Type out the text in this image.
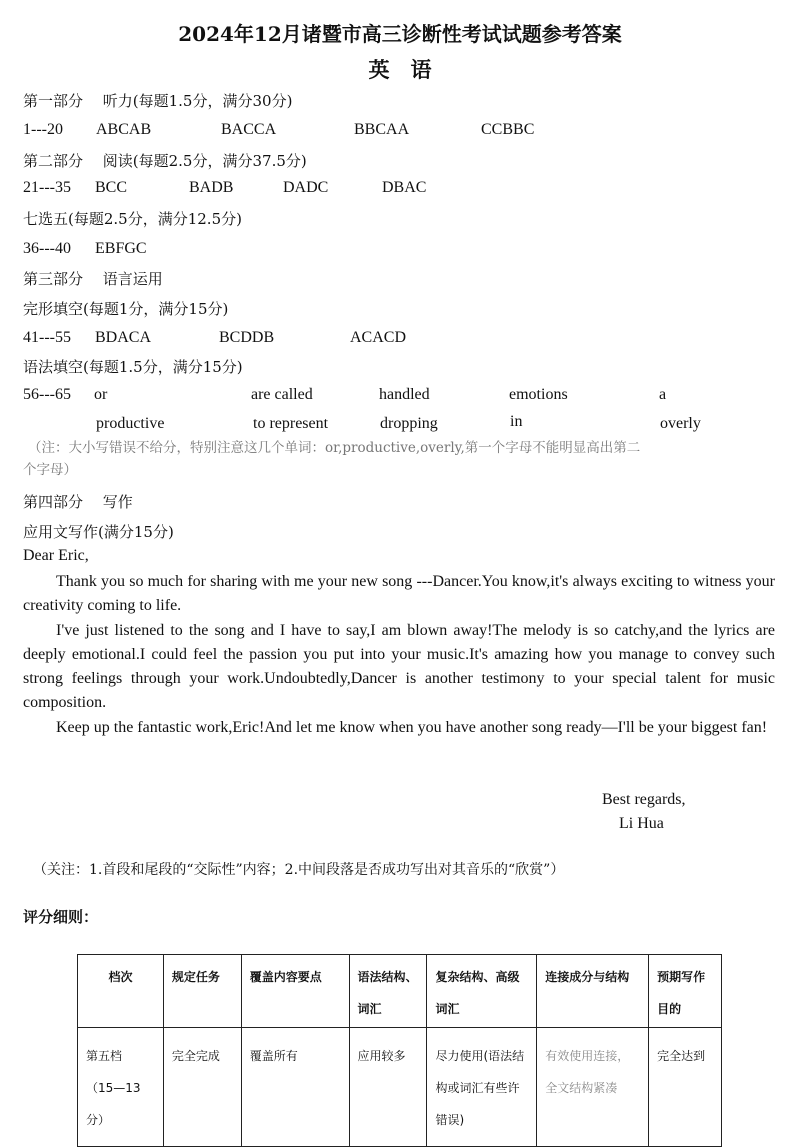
2024年12月诸暨市高三诊断性考试试题参考答案
英　语
第一部分　 听力(每题1.5分，满分30分)
1---20 ABCAB	BACCA	BBCAA	CCBBC
第二部分　 阅读(每题2.5分，满分37.5分)
21---35 BCC	BADB	DADC	DBAC
七选五(每题2.5分，满分12.5分)
36---40 EBFGC
第三部分　 语言运用
完形填空(每题1分，满分15分)
41---55 BDACA	BCDDB	ACACD
语法填空(每题1.5分，满分15分)
56---65 or	are called	handled	emotions	a
productive	to represent	dropping	in	overly
（注：大小写错误不给分，特别注意这几个单词：or,productive,overly,第一个字母不能明显高出第二
个字母）
第四部分　 写作
应用文写作(满分15分)
Dear Eric,
Thank you so much for sharing with me your new song ---Dancer.You know,it's always exciting to witness your creativity coming to life.
I've just listened to the song and I have to say,I am blown away!The melody is so catchy,and the lyrics are deeply emotional.I could feel the passion you put into your music.It's amazing how you manage to convey such strong feelings through your work.Undoubtedly,Dancer is another testimony to your special talent for music composition.
Keep up the fantastic work,Eric!And let me know when you have another song ready—I'll be your biggest fan!
Best regards,
Li Hua
（关注：1.首段和尾段的“交际性”内容；2.中间段落是否成功写出对其音乐的“欣赏”）
评分细则：
档次	规定任务	覆盖内容要点	语法结构、词汇	复杂结构、高级词汇	连接成分与结构	预期写作目的

第五档
（15—13分）	完全完成	覆盖所有	应用较多	尽力使用(语法结构或词汇有些许错误)	有效使用连接，全文结构紧凑	完全达到
